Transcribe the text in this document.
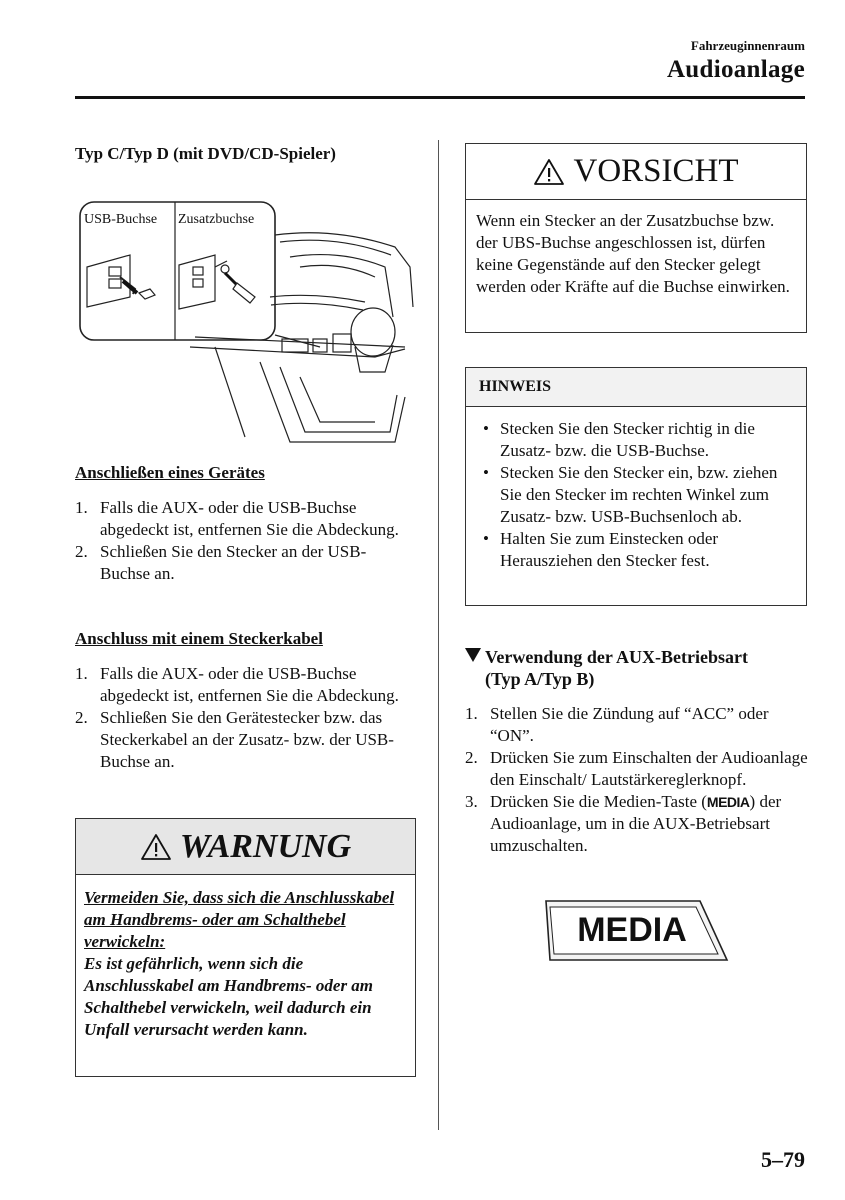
Fahrzeuginnenraum
Audioanlage
Typ C/Typ D (mit DVD/CD-Spieler)
USB-Buchse Zusatzbuchse
Anschließen eines Gerätes
1. Falls die AUX- oder die USB-Buchse abgedeckt ist, entfernen Sie die Abdeckung.
2. Schließen Sie den Stecker an der USB-Buchse an.
Anschluss mit einem Steckerkabel
1. Falls die AUX- oder die USB-Buchse abgedeckt ist, entfernen Sie die Abdeckung.
2. Schließen Sie den Gerätestecker bzw. das Steckerkabel an der Zusatz- bzw. der USB-Buchse an.
WARNUNG
Vermeiden Sie, dass sich die Anschlusskabel am Handbrems- oder am Schalthebel verwickeln:
Es ist gefährlich, wenn sich die Anschlusskabel am Handbrems- oder am Schalthebel verwickeln, weil dadurch ein Unfall verursacht werden kann.
VORSICHT
Wenn ein Stecker an der Zusatzbuchse bzw. der UBS-Buchse angeschlossen ist, dürfen keine Gegenstände auf den Stecker gelegt werden oder Kräfte auf die Buchse einwirken.
HINWEIS
• Stecken Sie den Stecker richtig in die Zusatz- bzw. die USB-Buchse.
• Stecken Sie den Stecker ein, bzw. ziehen Sie den Stecker im rechten Winkel zum Zusatz- bzw. USB-Buchsenloch ab.
• Halten Sie zum Einstecken oder Herausziehen den Stecker fest.
Verwendung der AUX-Betriebsart
(Typ A/Typ B)
1. Stellen Sie die Zündung auf “ACC” oder “ON”.
2. Drücken Sie zum Einschalten der Audioanlage den Einschalt/ Lautstärkereglerknopf.
3. Drücken Sie die Medien-Taste (MEDIA) der Audioanlage, um in die AUX-Betriebsart umzuschalten.
MEDIA
5–79
